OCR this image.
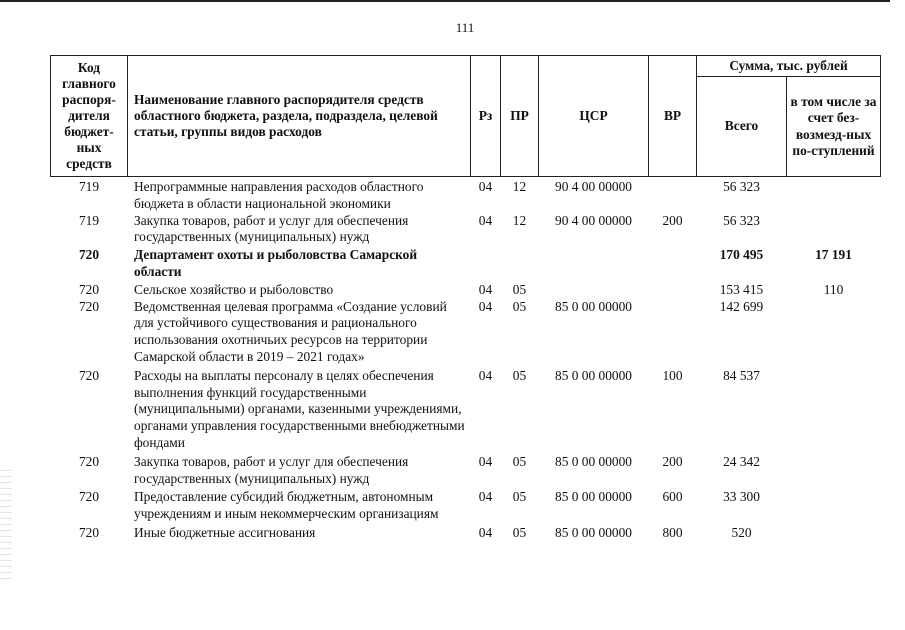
111
Код главного распоря-дителя бюджет-ных средств	Наименование главного распорядителя средств областного бюджета, раздела, подраздела, целевой статьи, группы видов расходов	Рз	ПР	ЦСР	ВР	Сумма, тыс. рублей	
						Всего	в том числе за счет без-возмезд-ных по-ступлений
719	Непрограммные направления расходов областного бюджета в области национальной экономики	04	12	90 4 00 00000		56 323	
719	Закупка товаров, работ и услуг для обеспечения государственных (муниципальных) нужд	04	12	90 4 00 00000	200	56 323	
720	Департамент охоты и рыболовства Самарской области					170 495	17 191
720	Сельское хозяйство и рыболовство	04	05			153 415	110
720	Ведомственная целевая программа «Создание условий для устойчивого существования и рационального использования охотничьих ресурсов на территории Самарской области в 2019 – 2021 годах»	04	05	85 0 00 00000		142 699	
720	Расходы на выплаты персоналу в целях обеспечения выполнения функций государственными (муниципальными) органами, казенными учреждениями, органами управления государственными внебюджетными фондами	04	05	85 0 00 00000	100	84 537	
720	Закупка товаров, работ и услуг для обеспечения государственных (муниципальных) нужд	04	05	85 0 00 00000	200	24 342	
720	Предоставление субсидий бюджетным, автономным учреждениям и иным некоммерческим организациям	04	05	85 0 00 00000	600	33 300	
720	Иные бюджетные ассигнования	04	05	85 0 00 00000	800	520	
